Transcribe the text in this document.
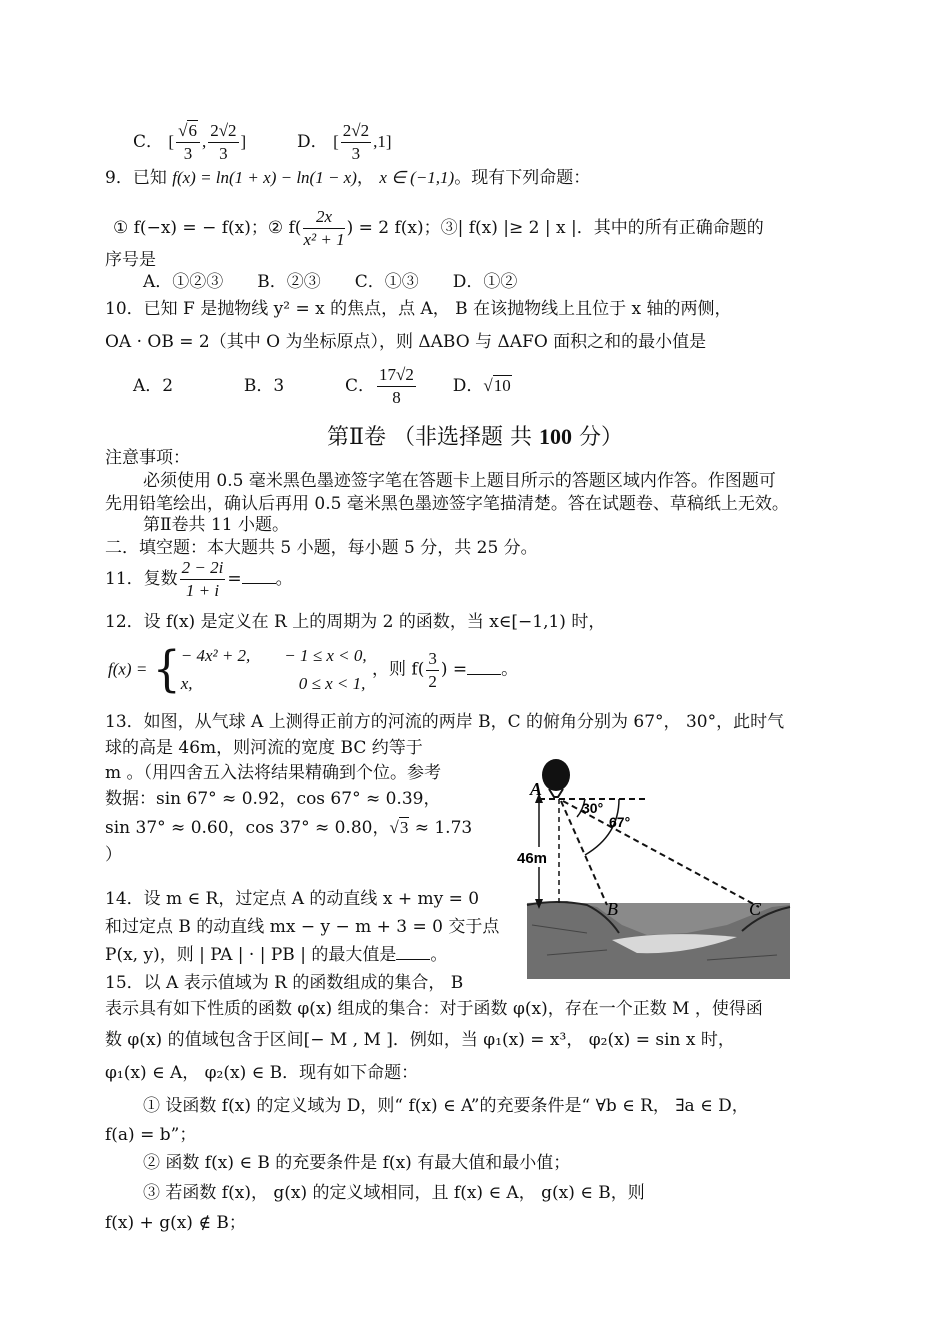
C． [ $\frac{√6}{3}$ , $\frac{2√2}{3}$ ]	D． [ $\frac{2√2}{3} ,1$]
9．已知 f(x) = ln(1 + x) − ln(1 − x)， x ∈ (−1,1)。现有下列命题：
① f(−x) = − f(x)；② $f( \frac{2x}{\text{x² + 1}}$ ) = 2 f(x)；③| f(x) |≥ 2 | x |．其中的所有正确命题的
序号是
A．①②③　　B．②③　　C．①③　　D．①②
10．已知 F 是抛物线 y² = x 的焦点，点 A， B 在该抛物线上且位于 x 轴的两侧，
OA · OB = 2（其中 O 为坐标原点），则 ΔABO 与 ΔAFO 面积之和的最小值是
A．2	B．3	C． $\frac{17√2}{8}$ D．√10
第Ⅱ卷 （非选择题 共 100 分）
注意事项：
必须使用 0.5 毫米黑色墨迹签字笔在答题卡上题目所示的答题区域内作答。作图题可
先用铅笔绘出，确认后再用 0.5 毫米黑色墨迹签字笔描清楚。答在试题卷、草稿纸上无效。
第Ⅱ卷共 11 小题。
二．填空题：本大题共 5 小题，每小题 5 分，共 25 分。
11．复数 $\frac{2 - 2i}{1 + i}$ = 。
12．设 f(x) 是定义在 R 上的周期为 2 的函数，当 x∈[−1,1) 时，
f(x) = { − 4x² + 2,　　− 1 ≤ x < 0,
x,　　　　　　 0 ≤ x < 1,
，则 $f( \frac{3}{2}$ ) = 。
13．如图，从气球 A 上测得正前方的河流的两岸 B，C 的俯角分别为 67°， 30°，此时气
球的高是 46m，则河流的宽度 BC 约等于
m 。（用四舍五入法将结果精确到个位。参考
数据：sin 67° ≈ 0.92，cos 67° ≈ 0.39，
sin 37° ≈ 0.60，cos 37° ≈ 0.80，√3 ≈ 1.73
）
14．设 m ∈ R，过定点 A 的动直线 x + my = 0
和过定点 B 的动直线 mx − y − m + 3 = 0 交于点
P(x, y)，则 | PA | · | PB | 的最大值是 。
15．以 A 表示值域为 R 的函数组成的集合， B
表示具有如下性质的函数 φ(x) 组成的集合：对于函数 φ(x)，存在一个正数 M ，使得函
数 φ(x) 的值域包含于区间[− M , M ]．例如，当 φ₁(x) = x³， φ₂(x) = sin x 时，
φ₁(x) ∈ A， φ₂(x) ∈ B．现有如下命题：
① 设函数 f(x) 的定义域为 D，则“ f(x) ∈ A”的充要条件是“ ∀b ∈ R， ∃a ∈ D，
f(a) = b”；
② 函数 f(x) ∈ B 的充要条件是 f(x) 有最大值和最小值；
③ 若函数 f(x)， g(x) 的定义域相同，且 f(x) ∈ A， g(x) ∈ B，则
f(x) + g(x) ∉ B；
46m
30°
67°
A
B	C
